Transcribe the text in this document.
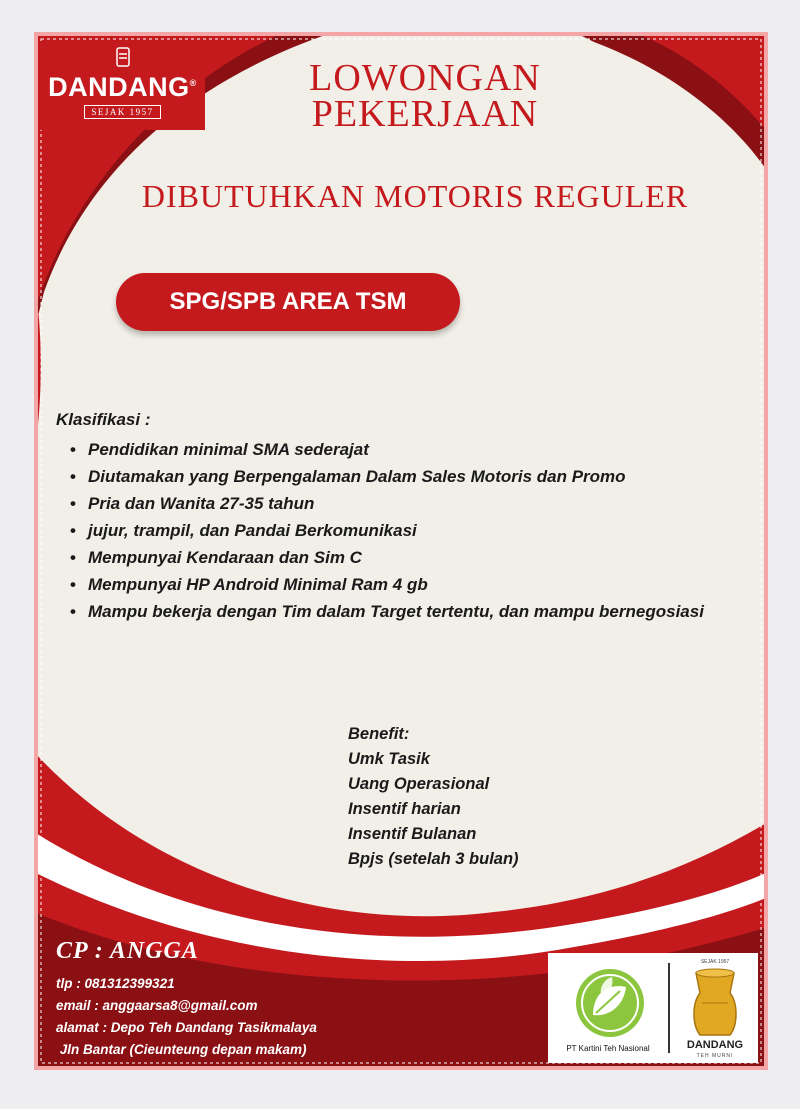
DANDANG®
SEJAK 1957
LOWONGAN
PEKERJAAN
DIBUTUHKAN MOTORIS REGULER
SPG/SPB AREA TSM
Klasifikasi :
• Pendidikan minimal SMA sederajat
• Diutamakan yang Berpengalaman Dalam Sales Motoris dan Promo
• Pria dan Wanita 27-35 tahun
• jujur, trampil, dan Pandai Berkomunikasi
• Mempunyai Kendaraan dan Sim C
• Mempunyai HP Android Minimal Ram 4 gb
• Mampu bekerja dengan Tim dalam Target tertentu, dan mampu bernegosiasi
Benefit:
Umk Tasik
Uang Operasional
Insentif harian
Insentif Bulanan
Bpjs (setelah 3 bulan)
CP : ANGGA
tlp : 081312399321
email : anggaarsa8@gmail.com
alamat : Depo Teh Dandang Tasikmalaya
Jln Bantar (Cieunteung depan makam)	PT Kartini Teh Nasional
SEJAK 1957
DANDANG
TEH MURNI
